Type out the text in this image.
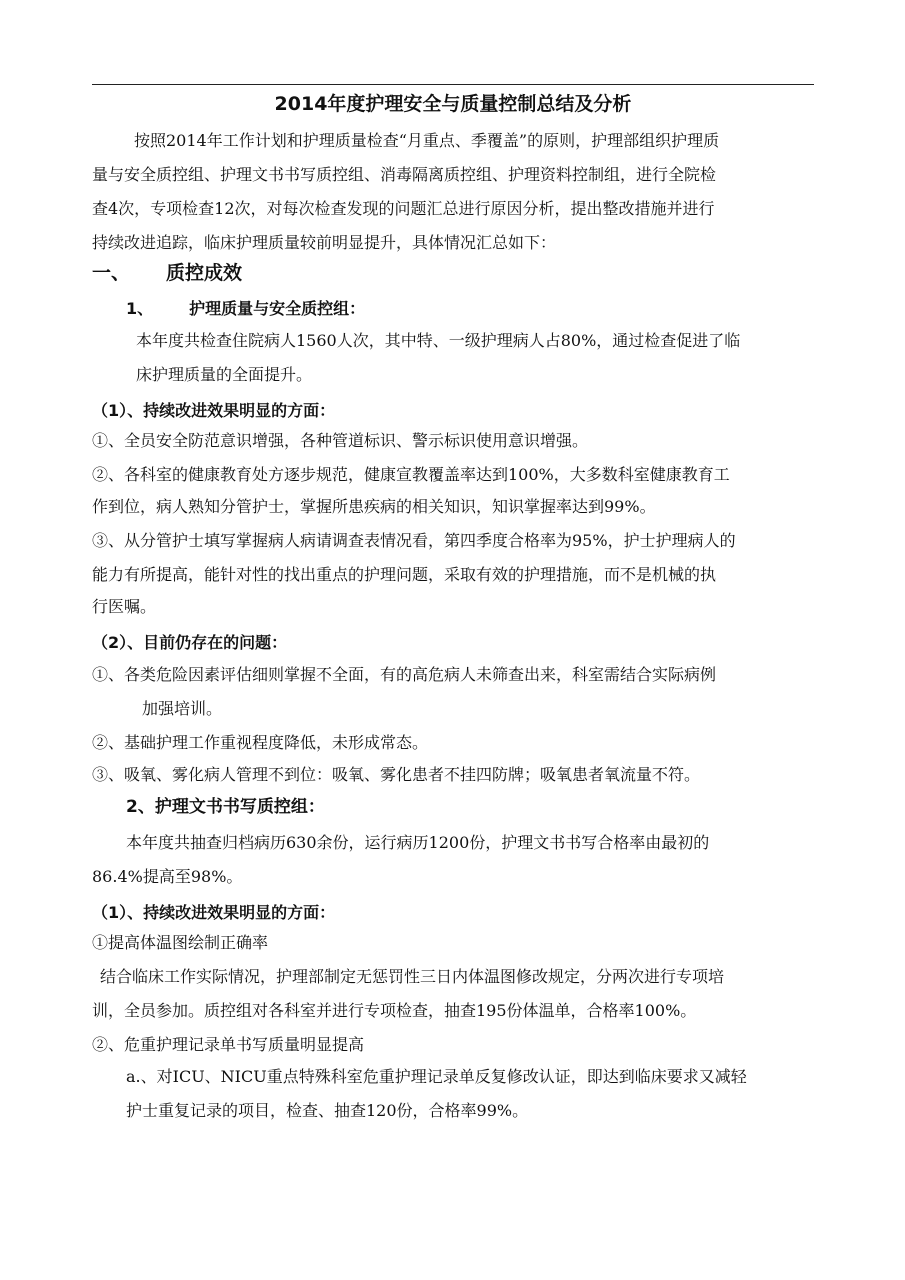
2014年度护理安全与质量控制总结及分析
按照2014年工作计划和护理质量检查“月重点、季覆盖”的原则，护理部组织护理质
量与安全质控组、护理文书书写质控组、消毒隔离质控组、护理资料控制组，进行全院检
查4次，专项检查12次，对每次检查发现的问题汇总进行原因分析，提出整改措施并进行
持续改进追踪，临床护理质量较前明显提升，具体情况汇总如下：
一、 质控成效
1、 护理质量与安全质控组：
本年度共检查住院病人1560人次，其中特、一级护理病人占80%，通过检查促进了临
床护理质量的全面提升。
（1）、持续改进效果明显的方面：
①、全员安全防范意识增强，各种管道标识、警示标识使用意识增强。
②、各科室的健康教育处方逐步规范，健康宣教覆盖率达到100%，大多数科室健康教育工
作到位，病人熟知分管护士，掌握所患疾病的相关知识，知识掌握率达到99%。
③、从分管护士填写掌握病人病请调查表情况看，第四季度合格率为95%，护士护理病人的
能力有所提高，能针对性的找出重点的护理问题，采取有效的护理措施，而不是机械的执
行医嘱。
（2）、目前仍存在的问题：
①、各类危险因素评估细则掌握不全面，有的高危病人未筛查出来，科室需结合实际病例
加强培训。
②、基础护理工作重视程度降低，未形成常态。
③、吸氧、雾化病人管理不到位：吸氧、雾化患者不挂四防牌；吸氧患者氧流量不符。
2、护理文书书写质控组：
本年度共抽查归档病历630余份，运行病历1200份，护理文书书写合格率由最初的
86.4%提高至98%。
（1）、持续改进效果明显的方面：
①提高体温图绘制正确率
结合临床工作实际情况，护理部制定无惩罚性三日内体温图修改规定，分两次进行专项培
训，全员参加。质控组对各科室并进行专项检查，抽查195份体温单，合格率100%。
②、危重护理记录单书写质量明显提高
a.、对ICU、NICU重点特殊科室危重护理记录单反复修改认证，即达到临床要求又减轻
护士重复记录的项目，检查、抽查120份，合格率99%。
